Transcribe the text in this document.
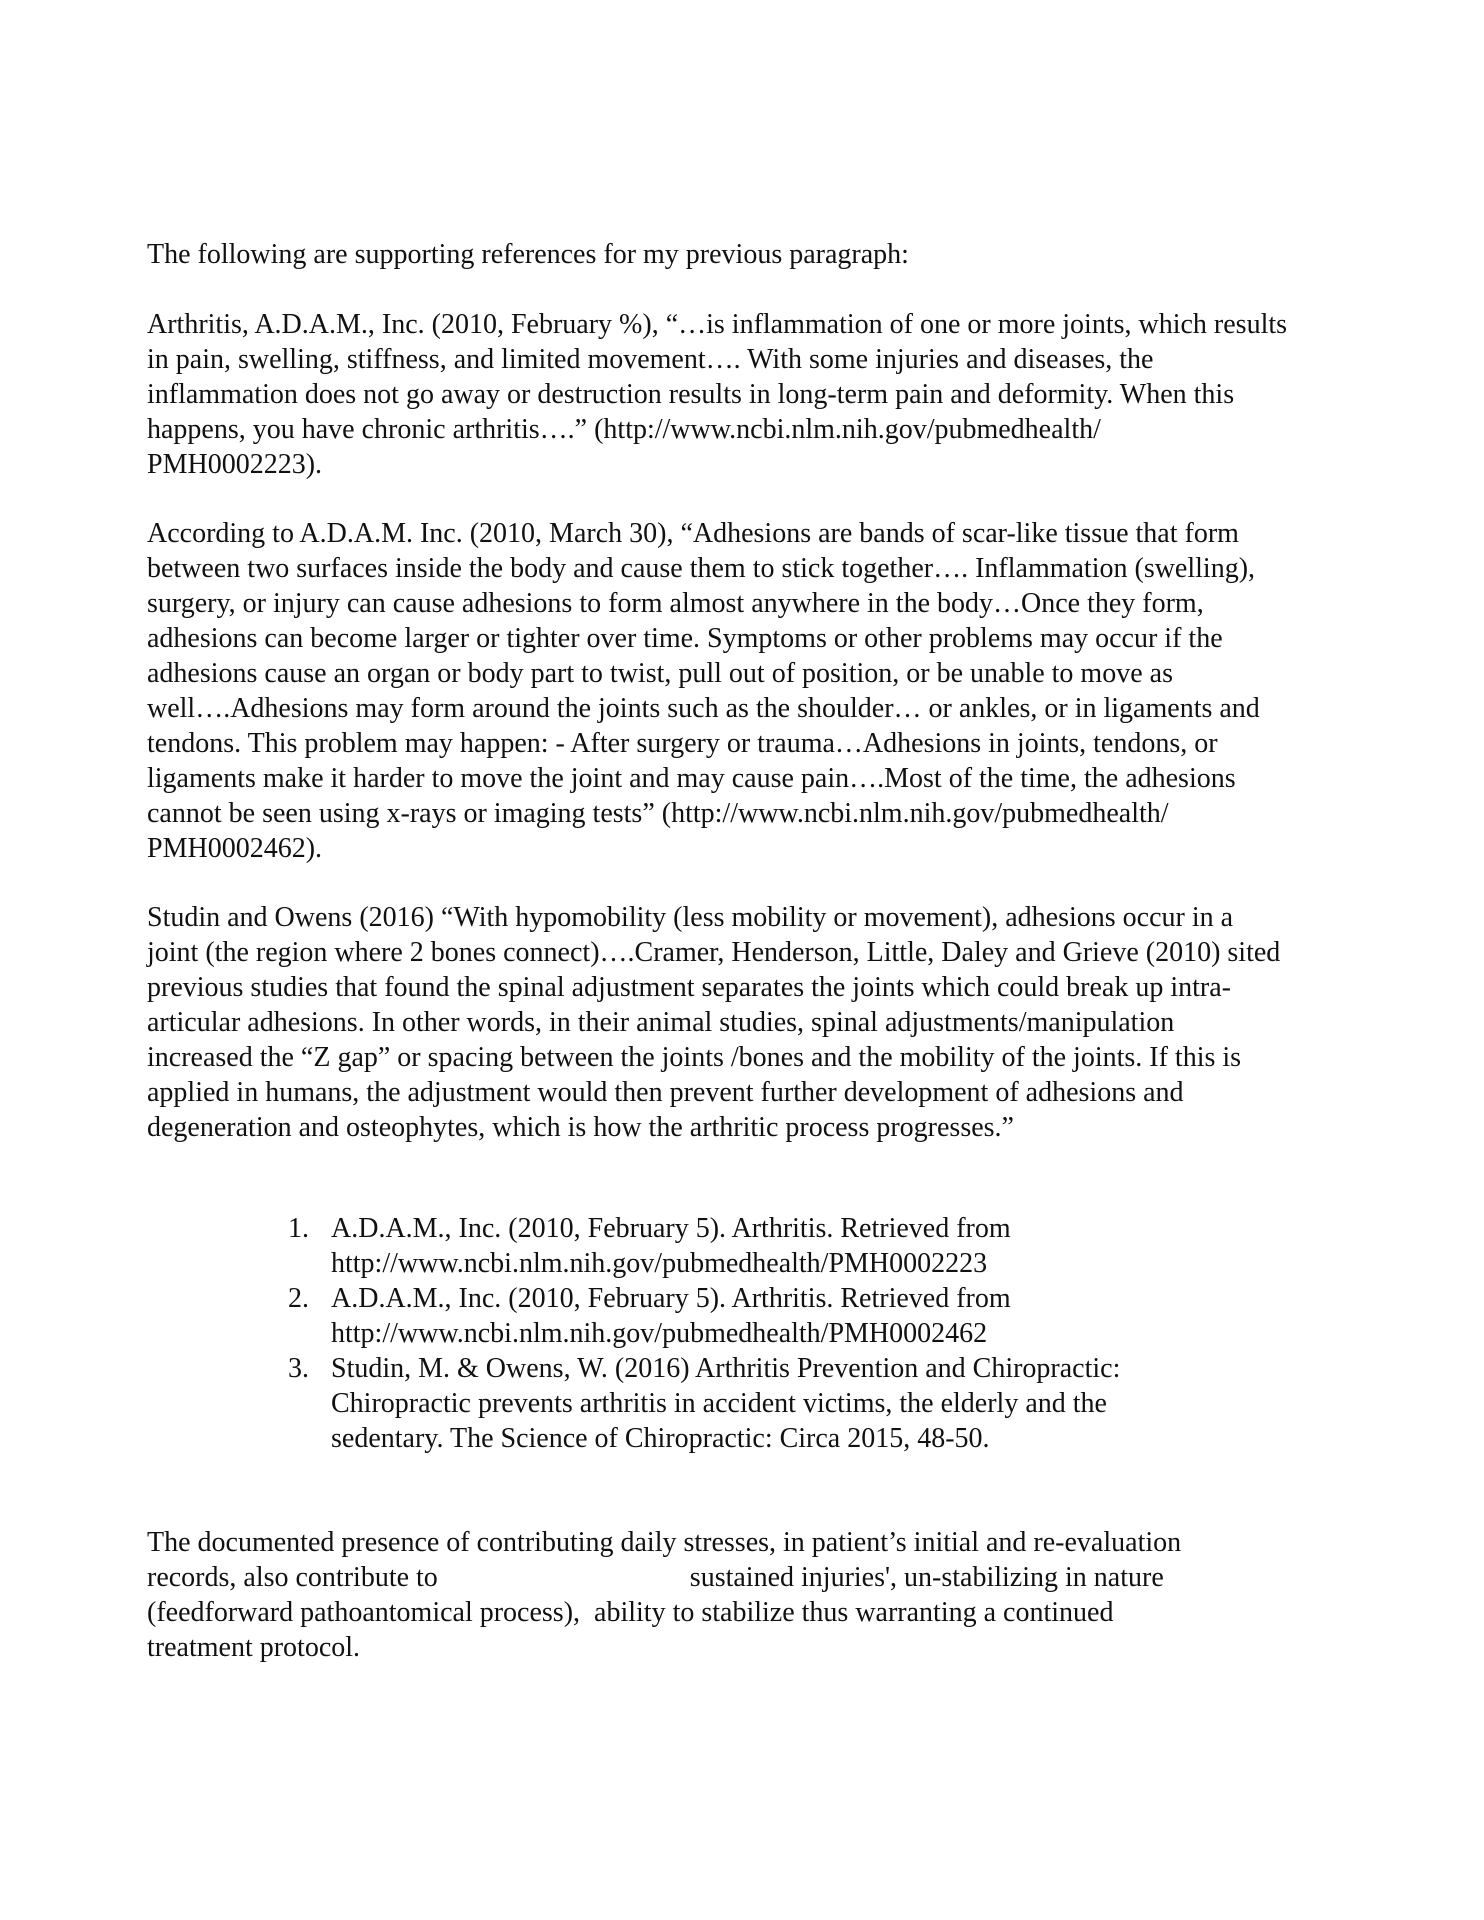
The following are supporting references for my previous paragraph:
Arthritis, A.D.A.M., Inc. (2010, February %), “…is inflammation of one or more joints, which results
in pain, swelling, stiffness, and limited movement…. With some injuries and diseases, the
inflammation does not go away or destruction results in long-term pain and deformity. When this
happens, you have chronic arthritis….” (http://www.ncbi.nlm.nih.gov/pubmedhealth/
PMH0002223).
According to A.D.A.M. Inc. (2010, March 30), “Adhesions are bands of scar-like tissue that form
between two surfaces inside the body and cause them to stick together…. Inflammation (swelling),
surgery, or injury can cause adhesions to form almost anywhere in the body…Once they form,
adhesions can become larger or tighter over time. Symptoms or other problems may occur if the
adhesions cause an organ or body part to twist, pull out of position, or be unable to move as
well….Adhesions may form around the joints such as the shoulder… or ankles, or in ligaments and
tendons. This problem may happen: - After surgery or trauma…Adhesions in joints, tendons, or
ligaments make it harder to move the joint and may cause pain….Most of the time, the adhesions
cannot be seen using x-rays or imaging tests” (http://www.ncbi.nlm.nih.gov/pubmedhealth/
PMH0002462).
Studin and Owens (2016) “With hypomobility (less mobility or movement), adhesions occur in a
joint (the region where 2 bones connect)….Cramer, Henderson, Little, Daley and Grieve (2010) sited
previous studies that found the spinal adjustment separates the joints which could break up intra-
articular adhesions. In other words, in their animal studies, spinal adjustments/manipulation
increased the “Z gap” or spacing between the joints /bones and the mobility of the joints. If this is
applied in humans, the adjustment would then prevent further development of adhesions and
degeneration and osteophytes, which is how the arthritic process progresses.”
1. A.D.A.M., Inc. (2010, February 5). Arthritis. Retrieved from
http://www.ncbi.nlm.nih.gov/pubmedhealth/PMH0002223
2. A.D.A.M., Inc. (2010, February 5). Arthritis. Retrieved from
http://www.ncbi.nlm.nih.gov/pubmedhealth/PMH0002462
3. Studin, M. & Owens, W. (2016) Arthritis Prevention and Chiropractic:
Chiropractic prevents arthritis in accident victims, the elderly and the
sedentary. The Science of Chiropractic: Circa 2015, 48-50.
The documented presence of contributing daily stresses, in patient’s initial and re-evaluation
records, also contribute to                                    sustained injuries', un-stabilizing in nature
(feedforward pathoantomical process),  ability to stabilize thus warranting a continued
treatment protocol.
